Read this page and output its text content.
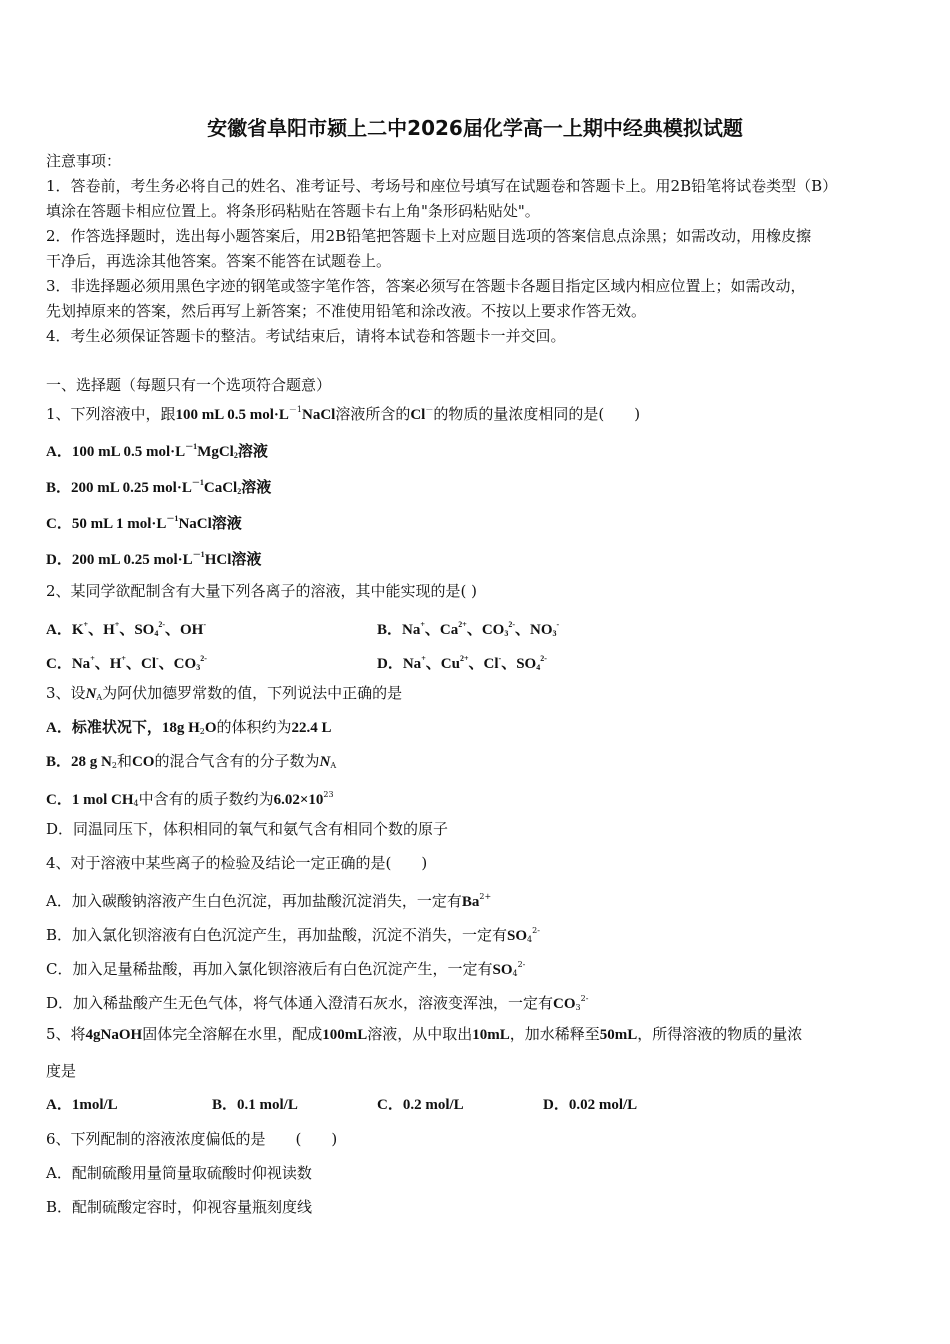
安徽省阜阳市颍上二中2026届化学高一上期中经典模拟试题
注意事项：
1．答卷前，考生务必将自己的姓名、准考证号、考场号和座位号填写在试题卷和答题卡上。用2B铅笔将试卷类型（B）
填涂在答题卡相应位置上。将条形码粘贴在答题卡右上角"条形码粘贴处"。
2．作答选择题时，选出每小题答案后，用2B铅笔把答题卡上对应题目选项的答案信息点涂黑；如需改动，用橡皮擦
干净后，再选涂其他答案。答案不能答在试题卷上。
3．非选择题必须用黑色字迹的钢笔或签字笔作答，答案必须写在答题卡各题目指定区域内相应位置上；如需改动，
先划掉原来的答案，然后再写上新答案；不准使用铅笔和涂改液。不按以上要求作答无效。
4．考生必须保证答题卡的整洁。考试结束后，请将本试卷和答题卡一并交回。
一、选择题（每题只有一个选项符合题意）
1、下列溶液中，跟100 mL 0.5 $mol\cdot L^{-1}NaCl$溶液所含的Cl－的物质的量浓度相同的是(　　)
A．100 mL 0.5 $mol\cdot L^{-1}MgCl_2$溶液
B．200 mL 0.25 $mol\cdot L^{-1}CaCl_2$溶液
C．50 mL 1 $mol\cdot L^{-1}NaCl$溶液
D．200 mL 0.25 $mol\cdot L^{-1}HCl$溶液
2、某同学欲配制含有大量下列各离子的溶液，其中能实现的是( )
A．K+、H+、$SO_4^{2-}$、OH-	B．Na+、$Ca^{2+}$、$CO_3^{2-}$、$NO_3^-$
C．Na+、H+、Cl-、$CO_3^{2-}$	D．Na+、$Cu^{2+}$、Cl-、$SO_4^{2-}$
3、设$N_A$为阿伏加德罗常数的值，下列说法中正确的是
A．标准状况下，18g $H_2O$的体积约为22.4 L
B．28 g $N_2$和CO的混合气含有的分子数为$N_A$
C．1 mol $CH_4$中含有的质子数约为$6.02\times 10^{23}$
D．同温同压下，体积相同的氧气和氨气含有相同个数的原子
4、对于溶液中某些离子的检验及结论一定正确的是(　　)
A．加入碳酸钠溶液产生白色沉淀，再加盐酸沉淀消失，一定有$Ba^{2+}$
B．加入氯化钡溶液有白色沉淀产生，再加盐酸，沉淀不消失，一定有$SO_4^{2-}$
C．加入足量稀盐酸，再加入氯化钡溶液后有白色沉淀产生，一定有$SO_4^{2-}$
D．加入稀盐酸产生无色气体，将气体通入澄清石灰水，溶液变浑浊，一定有$CO_3^{2-}$
5、将4gNaOH固体完全溶解在水里，配成100mL溶液，从中取出10mL，加水稀释至50mL，所得溶液的物质的量浓
度是
A．1mol/L	B．0.1 mol/L	C．0.2 mol/L	D．0.02 mol/L
6、下列配制的溶液浓度偏低的是　　(　　)
A．配制硫酸用量筒量取硫酸时仰视读数
B．配制硫酸定容时，仰视容量瓶刻度线
